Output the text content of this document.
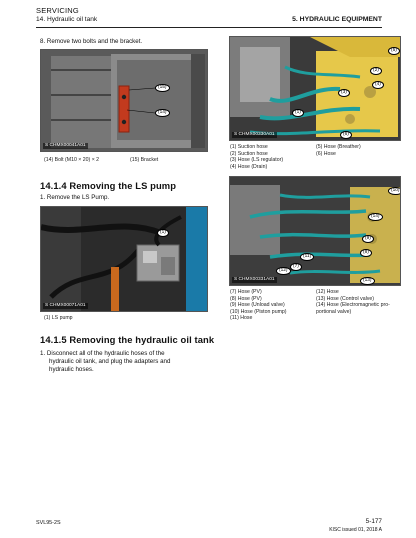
SERVICING
14. Hydraulic oil tank	5. HYDRAULIC EQUIPMENT
8. Remove two bolts and the bracket.
(15)
(14)
S CHMX00041A01
(14) Bolt (M10 × 20) × 2	(15) Bracket
(5)
(2)
(4)
(3)
(6)
(1)
S CHMX00330A01
(1) Suction hose
(2) Suction hose
(3) Hose (LS regulator)
(4) Hose (Drain)
(5) Hose (Breather)
(6) Hose
14.1.4 Removing the LS pump
1. Remove the LS Pump.
(1)
S CHMX00071A01
(1) LS pump
(10)
(14)
(9)
(8)
(11)
(7)
(12)
(13)
S CHMX00331A01
(7) Hose (PV)
(8) Hose (PV)
(9) Hose (Unload valve)
(10) Hose (Piston pump)
(11) Hose
(12) Hose
(13) Hose (Control valve)
(14) Hose (Electromagnetic pro-
portional valve)
14.1.5 Removing the hydraulic oil tank
1. Disconnect all of the hydraulic hoses of the
hydraulic oil tank, and plug the adapters and
hydraulic hoses.
SVL95-2S	5-177
KISC issued 01, 2018 A
